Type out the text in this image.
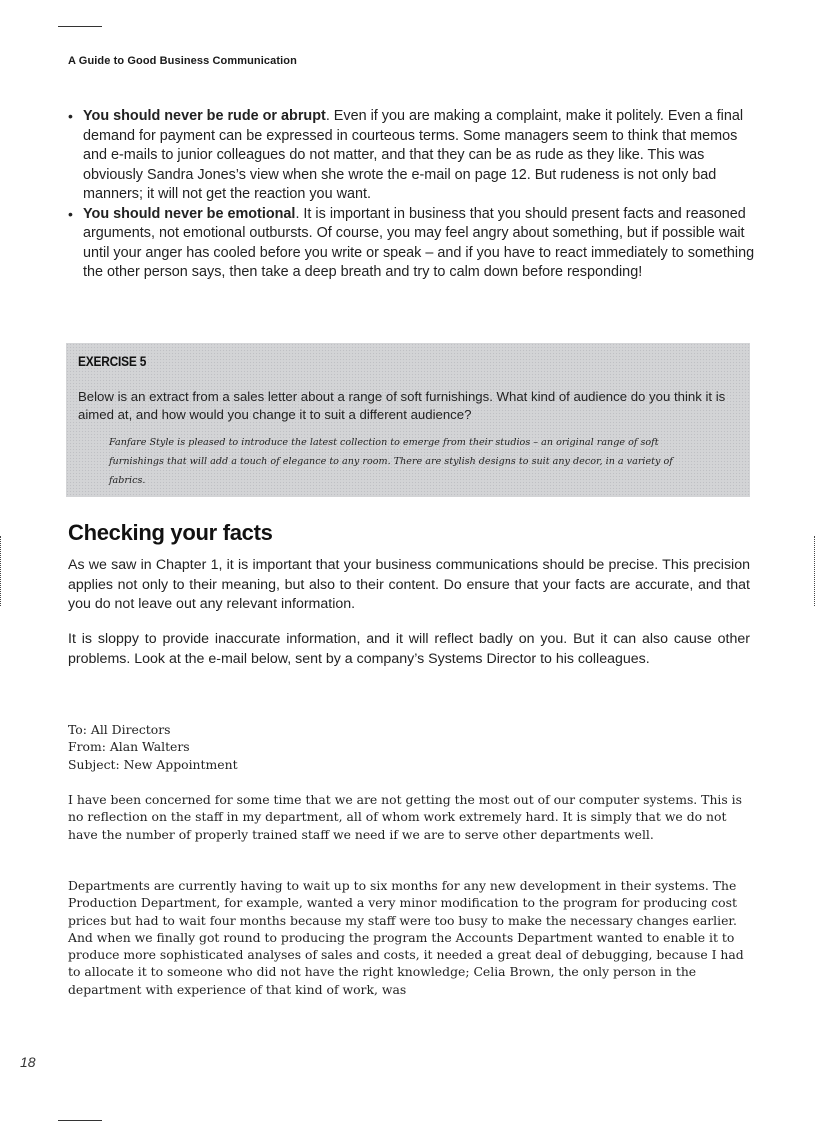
A Guide to Good Business Communication
• You should never be rude or abrupt. Even if you are making a complaint, make it politely. Even a final demand for payment can be expressed in courteous terms. Some managers seem to think that memos and e-mails to junior colleagues do not matter, and that they can be as rude as they like. This was obviously Sandra Jones’s view when she wrote the e-mail on page 12. But rudeness is not only bad manners; it will not get the reaction you want.
• You should never be emotional. It is important in business that you should present facts and reasoned arguments, not emotional outbursts. Of course, you may feel angry about something, but if possible wait until your anger has cooled before you write or speak – and if you have to react immediately to something the other person says, then take a deep breath and try to calm down before responding!
EXERCISE 5
Below is an extract from a sales letter about a range of soft furnishings. What kind of audience do you think it is aimed at, and how would you change it to suit a different audience?
Fanfare Style is pleased to introduce the latest collection to emerge from their studios – an original range of soft furnishings that will add a touch of elegance to any room. There are stylish designs to suit any decor, in a variety of fabrics.
Checking your facts
As we saw in Chapter 1, it is important that your business communications should be precise. This precision applies not only to their meaning, but also to their content. Do ensure that your facts are accurate, and that you do not leave out any relevant information.
It is sloppy to provide inaccurate information, and it will reflect badly on you. But it can also cause other problems. Look at the e-mail below, sent by a company’s Systems Director to his colleagues.

To: All Directors

From: Alan Walters

Subject: New Appointment

I have been concerned for some time that we are not getting the most out of our computer systems. This is no reflection on the staff in my department, all of whom work extremely hard. It is simply that we do not have the number of properly trained staff we need if we are to serve other departments well.
Departments are currently having to wait up to six months for any new development in their systems. The Production Department, for example, wanted a very minor modification to the program for producing cost prices but had to wait four months because my staff were too busy to make the necessary changes earlier. And when we finally got round to producing the program the Accounts Department wanted to enable it to produce more sophisticated analyses of sales and costs, it needed a great deal of debugging, because I had to allocate it to someone who did not have the right knowledge; Celia Brown, the only person in the department with experience of that kind of work, was
18
